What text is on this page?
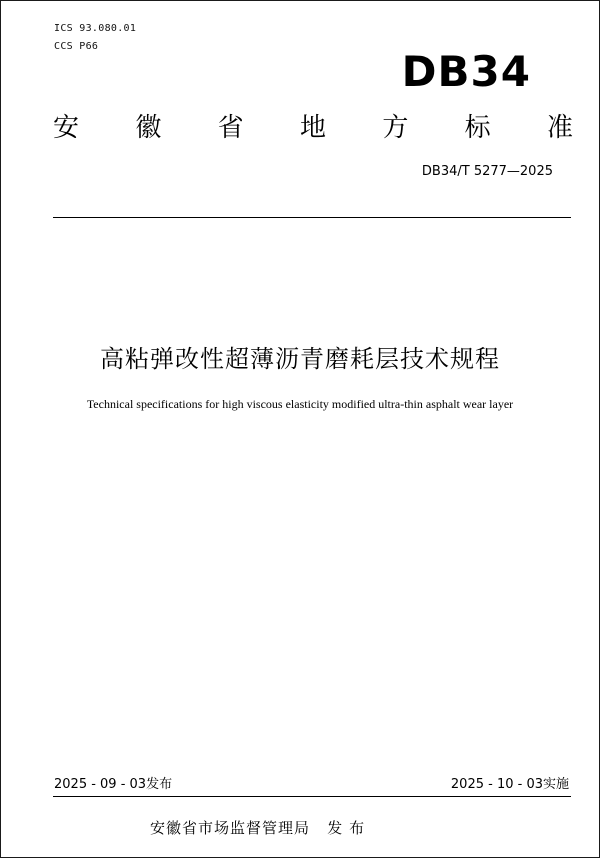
ICS 93.080.01
CCS P66
DB34
安 徽 省 地 方 标 准
DB34/T 5277—2025
高粘弹改性超薄沥青磨耗层技术规程
Technical specifications for high viscous elasticity modified ultra-thin asphalt wear layer
2025 - 09 - 03发布	2025 - 10 - 03实施
安徽省市场监督管理局   发 布
